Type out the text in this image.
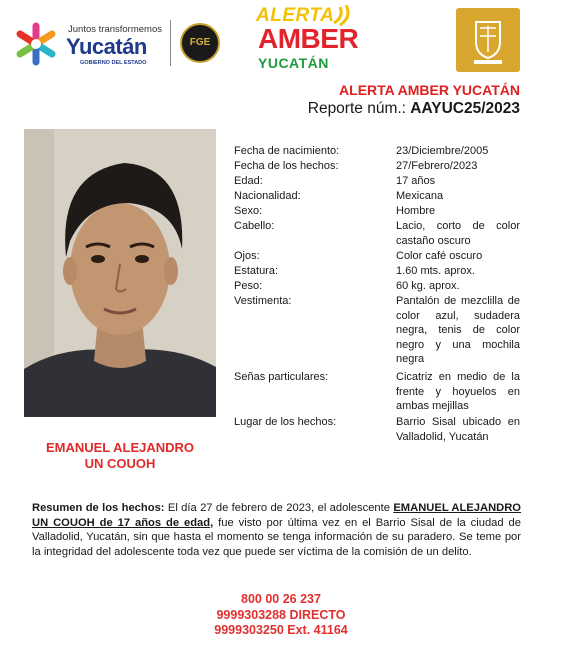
Juntos transformemos
Yucatán
GOBIERNO DEL ESTADO
FGE
ALERTA
AMBER
YUCATÁN
ALERTA AMBER YUCATÁN
Reporte núm.: AAYUC25/2023
EMANUEL ALEJANDRO
UN COUOH
Fecha de nacimiento:	23/Diciembre/2005
Fecha de los hechos:	27/Febrero/2023
Edad:	17 años
Nacionalidad:	Mexicana
Sexo:	Hombre
Cabello:	Lacio, corto de color castaño oscuro
Ojos:	Color café oscuro
Estatura:	1.60 mts. aprox.
Peso:	60 kg. aprox.
Vestimenta:	Pantalón de mezclilla de color azul, sudadera negra, tenis de color negro y una mochila negra
Señas particulares:	Cicatriz en medio de la frente y hoyuelos en ambas mejillas
Lugar de los hechos:	Barrio Sisal ubicado en Valladolid, Yucatán
Resumen de los hechos: El día 27 de febrero de 2023, el adolescente EMANUEL ALEJANDRO UN COUOH de 17 años de edad, fue visto por última vez en el Barrio Sisal de la ciudad de Valladolid, Yucatán, sin que hasta el momento se tenga información de su paradero. Se teme por la integridad del adolescente toda vez que puede ser víctima de la comisión de un delito.
800 00 26 237
9999303288 DIRECTO
9999303250 Ext. 41164
